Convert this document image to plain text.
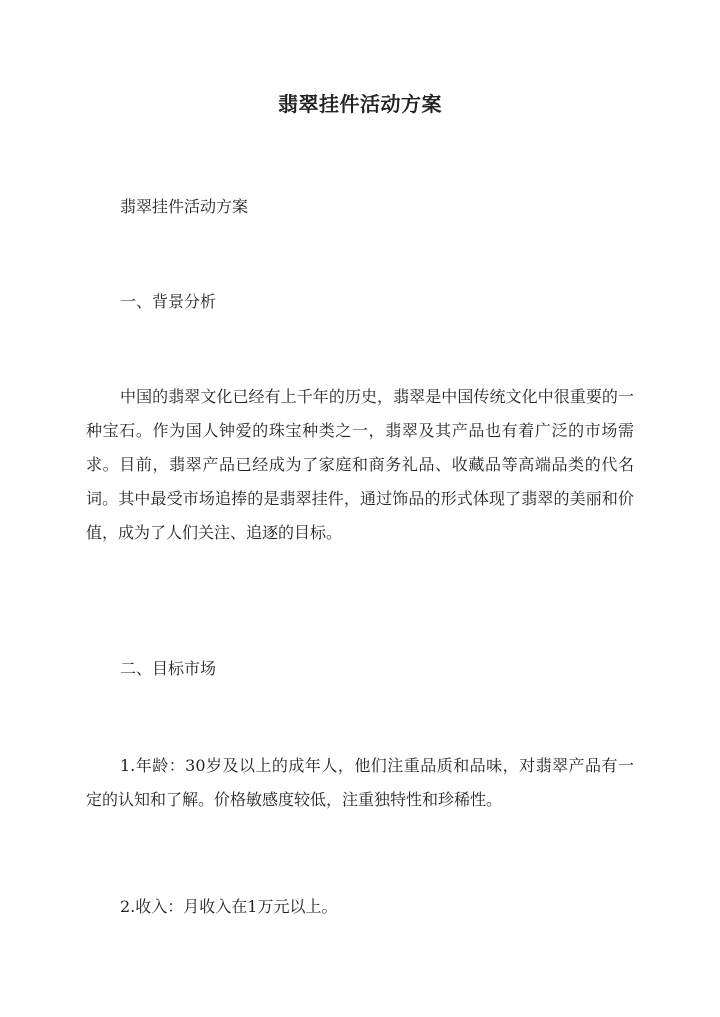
翡翠挂件活动方案

翡翠挂件活动方案

一、背景分析

中国的翡翠文化已经有上千年的历史，翡翠是中国传统文化中很重要的一种宝石。作为国人钟爱的珠宝种类之一，翡翠及其产品也有着广泛的市场需求。目前，翡翠产品已经成为了家庭和商务礼品、收藏品等高端品类的代名词。其中最受市场追捧的是翡翠挂件，通过饰品的形式体现了翡翠的美丽和价值，成为了人们关注、追逐的目标。

二、目标市场

1.年龄：30岁及以上的成年人，他们注重品质和品味，对翡翠产品有一定的认知和了解。价格敏感度较低，注重独特性和珍稀性。

2.收入：月收入在1万元以上。
